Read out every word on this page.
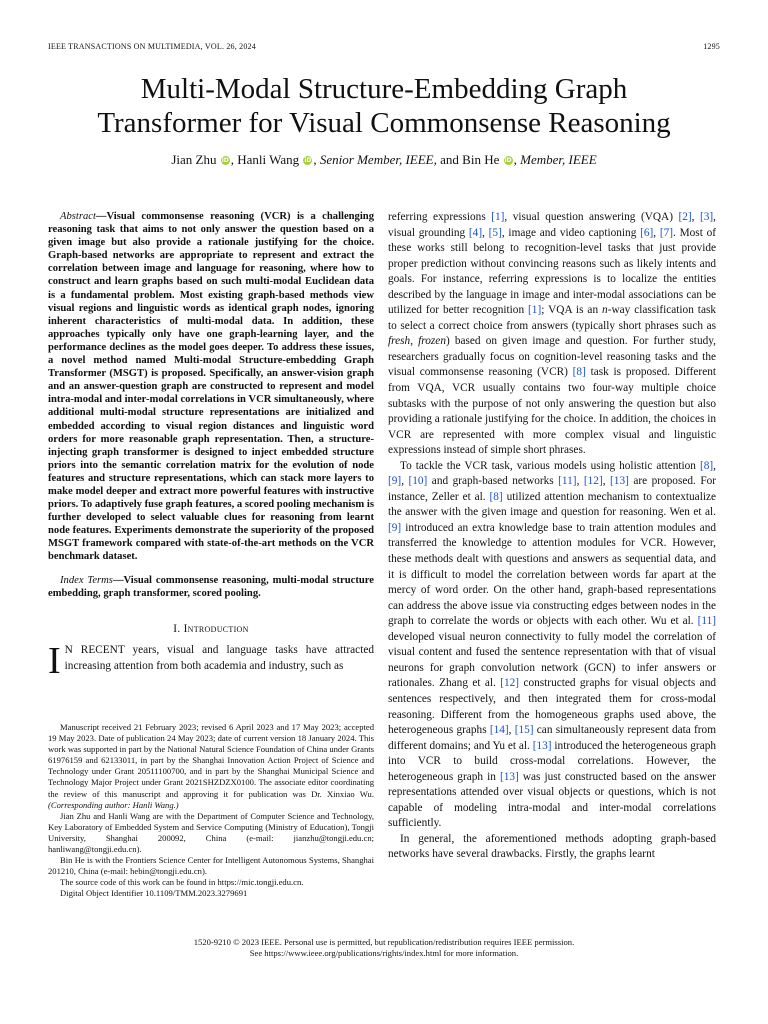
IEEE TRANSACTIONS ON MULTIMEDIA, VOL. 26, 2024	1295
Multi-Modal Structure-Embedding Graph
Transformer for Visual Commonsense Reasoning
Jian Zhu iD , Hanli Wang iD , Senior Member, IEEE, and Bin He iD , Member, IEEE

Abstract—Visual commonsense reasoning (VCR) is a challenging reasoning task that aims to not only answer the question based on a given image but also provide a rationale justifying for the choice. Graph-based networks are appropriate to represent and extract the correlation between image and language for reasoning, where how to construct and learn graphs based on such multi-modal Euclidean data is a fundamental problem. Most existing graph-based methods view visual regions and linguistic words as identical graph nodes, ignoring inherent characteristics of multi-modal data. In addition, these approaches typically only have one graph-learning layer, and the performance declines as the model goes deeper. To address these issues, a novel method named Multi-modal Structure-embedding Graph Transformer (MSGT) is proposed. Specifically, an answer-vision graph and an answer-question graph are constructed to represent and model intra-modal and inter-modal correlations in VCR simultaneously, where additional multi-modal structure representations are initialized and embedded according to visual region distances and linguistic word orders for more reasonable graph representation. Then, a structure-injecting graph transformer is designed to inject embedded structure priors into the semantic correlation matrix for the evolution of node features and structure representations, which can stack more layers to make model deeper and extract more powerful features with instructive priors. To adaptively fuse graph features, a scored pooling mechanism is further developed to select valuable clues for reasoning from learnt node features. Experiments demonstrate the superiority of the proposed MSGT framework compared with state-of-the-art methods on the VCR benchmark dataset.

Index Terms—Visual commonsense reasoning, multi-modal structure embedding, graph transformer, scored pooling.

I. Introduction

I N RECENT years, visual and language tasks have attracted increasing attention from both academia and industry, such as

Manuscript received 21 February 2023; revised 6 April 2023 and 17 May 2023; accepted 19 May 2023. Date of publication 24 May 2023; date of current version 18 January 2024. This work was supported in part by the National Natural Science Foundation of China under Grants 61976159 and 62133011, in part by the Shanghai Innovation Action Project of Science and Technology under Grant 20511100700, and in part by the Shanghai Municipal Science and Technology Major Project under Grant 2021SHZDZX0100. The associate editor coordinating the review of this manuscript and approving it for publication was Dr. Xinxiao Wu. (Corresponding author: Hanli Wang.)

Jian Zhu and Hanli Wang are with the Department of Computer Science and Technology, Key Laboratory of Embedded System and Service Computing (Ministry of Education), Tongji University, Shanghai 200092, China (e-mail: jianzhu@tongji.edu.cn; hanliwang@tongji.edu.cn).

Bin He is with the Frontiers Science Center for Intelligent Autonomous Systems, Shanghai 201210, China (e-mail: hebin@tongji.edu.cn).

The source code of this work can be found in https://mic.tongji.edu.cn.

Digital Object Identifier 10.1109/TMM.2023.3279691

referring expressions [1], visual question answering (VQA) [2], [3], visual grounding [4], [5], image and video captioning [6], [7]. Most of these works still belong to recognition-level tasks that just provide proper prediction without convincing reasons such as likely intents and goals. For instance, referring expressions is to localize the entities described by the language in image and inter-modal associations can be utilized for better recognition [1]; VQA is an n-way classification task to select a correct choice from answers (typically short phrases such as fresh, frozen) based on given image and question. For further study, researchers gradually focus on cognition-level reasoning tasks and the visual commonsense reasoning (VCR) [8] task is proposed. Different from VQA, VCR usually contains two four-way multiple choice subtasks with the purpose of not only answering the question but also providing a rationale justifying for the choice. In addition, the choices in VCR are represented with more complex visual and linguistic expressions instead of simple short phrases.

To tackle the VCR task, various models using holistic attention [8], [9], [10] and graph-based networks [11], [12], [13] are proposed. For instance, Zeller et al. [8] utilized attention mechanism to contextualize the answer with the given image and question for reasoning. Wen et al. [9] introduced an extra knowledge base to train attention modules and transferred the knowledge to attention modules for VCR. However, these methods dealt with questions and answers as sequential data, and it is difficult to model the correlation between words far apart at the mercy of word order. On the other hand, graph-based representations can address the above issue via constructing edges between nodes in the graph to correlate the words or objects with each other. Wu et al. [11] developed visual neuron connectivity to fully model the correlation of visual content and fused the sentence representation with that of visual neurons for graph convolution network (GCN) to infer answers or rationales. Zhang et al. [12] constructed graphs for visual objects and sentences respectively, and then integrated them for cross-modal reasoning. Different from the homogeneous graphs used above, the heterogeneous graphs [14], [15] can simultaneously represent data from different domains; and Yu et al. [13] introduced the heterogeneous graph into VCR to build cross-modal correlations. However, the heterogeneous graph in [13] was just constructed based on the answer representations attended over visual objects or questions, which is not capable of modeling intra-modal and inter-modal correlations sufficiently.

In general, the aforementioned methods adopting graph-based networks have several drawbacks. Firstly, the graphs learnt

1520-9210 © 2023 IEEE. Personal use is permitted, but republication/redistribution requires IEEE permission.
See https://www.ieee.org/publications/rights/index.html for more information.
